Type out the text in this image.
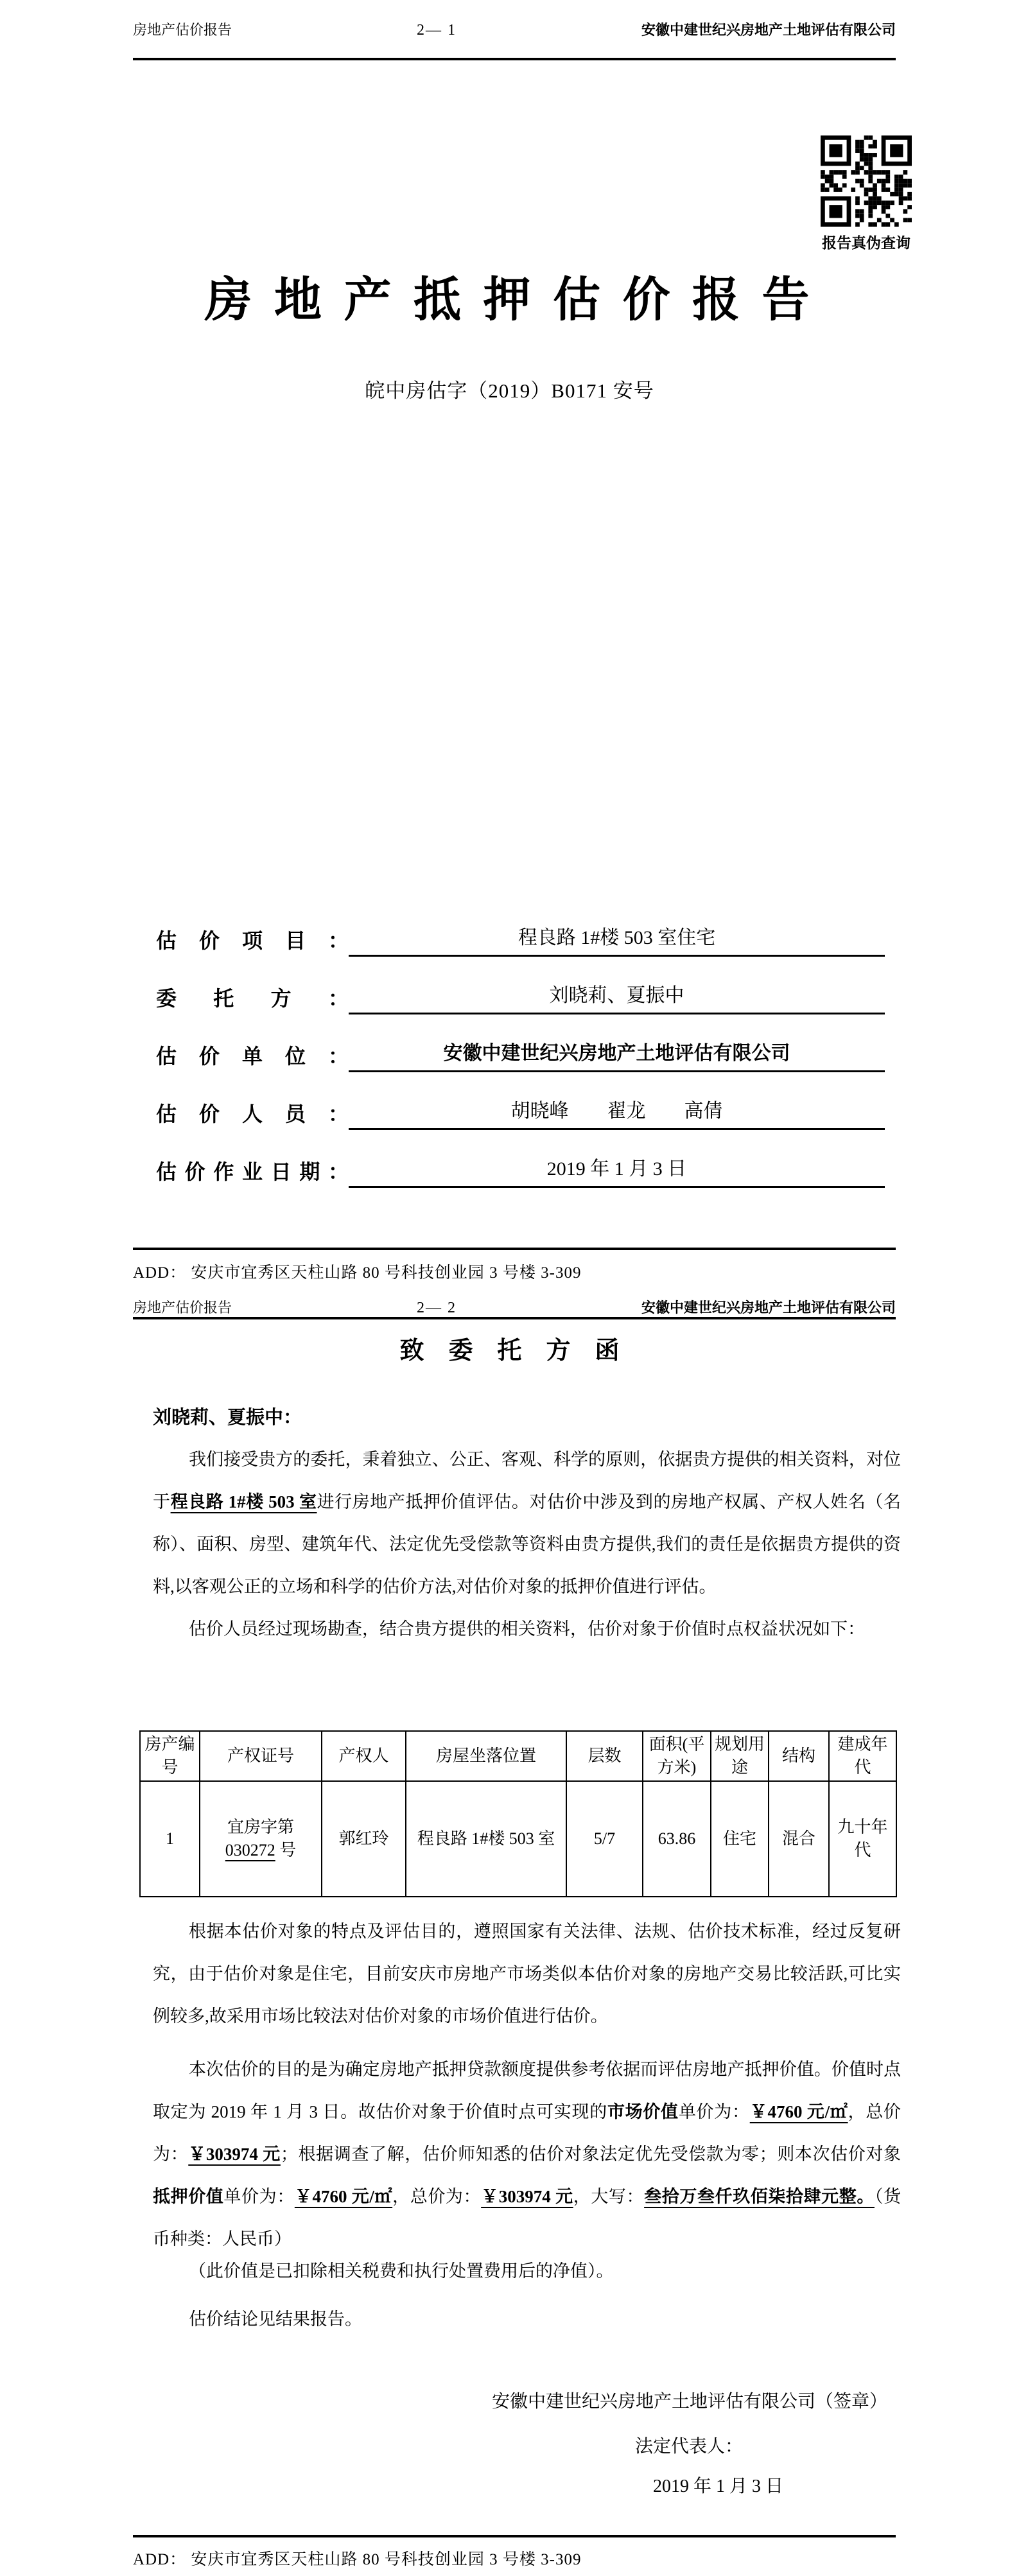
房地产估价报告	2— 1	安徽中建世纪兴房地产土地评估有限公司
报告真伪查询
房 地 产 抵 押 估 价 报 告
皖中房估字（2019）B0171 安号
估价项目：	程良路 1#楼 503 室住宅
委托方：	刘晓莉、夏振中
估价单位：	安徽中建世纪兴房地产土地评估有限公司
估价人员：	胡晓峰　　翟龙　　高倩
估价作业日期：	2019 年 1 月 3 日
ADD： 安庆市宜秀区天柱山路 80 号科技创业园 3 号楼 3-309
房地产估价报告	2— 2	安徽中建世纪兴房地产土地评估有限公司
致　委　托　方　函
刘晓莉、夏振中：

我们接受贵方的委托，秉着独立、公正、客观、科学的原则，依据贵方提供的相关资料，对位于程良路 1#楼 503 室进行房地产抵押价值评估。对估价中涉及到的房地产权属、产权人姓名（名称）、面积、房型、建筑年代、法定优先受偿款等资料由贵方提供,我们的责任是依据贵方提供的资料,以客观公正的立场和科学的估价方法,对估价对象的抵押价值进行评估。

估价人员经过现场勘查，结合贵方提供的相关资料，估价对象于价值时点权益状况如下：

房产编号	产权证号	产权人	房屋坐落位置	层数	面积(平方米)	规划用途	结构	建成年代
1	宜房字第
030272 号	郭红玲	程良路 1#楼 503 室	5/7	63.86	住宅	混合	九十年代

根据本估价对象的特点及评估目的，遵照国家有关法律、法规、估价技术标准，经过反复研究，由于估价对象是住宅，目前安庆市房地产市场类似本估价对象的房地产交易比较活跃,可比实例较多,故采用市场比较法对估价对象的市场价值进行估价。

本次估价的目的是为确定房地产抵押贷款额度提供参考依据而评估房地产抵押价值。价值时点取定为 2019 年 1 月 3 日。故估价对象于价值时点可实现的市场价值单价为：￥4760 元/㎡，总价为：￥303974 元；根据调查了解，估价师知悉的估价对象法定优先受偿款为零；则本次估价对象抵押价值单价为：￥4760 元/㎡，总价为：￥303974 元，大写：叁拾万叁仟玖佰柒拾肆元整。（货币种类：人民币）

（此价值是已扣除相关税费和执行处置费用后的净值）。
估价结论见结果报告。
安徽中建世纪兴房地产土地评估有限公司（签章）
法定代表人：
2019 年 1 月 3 日
ADD： 安庆市宜秀区天柱山路 80 号科技创业园 3 号楼 3-309
